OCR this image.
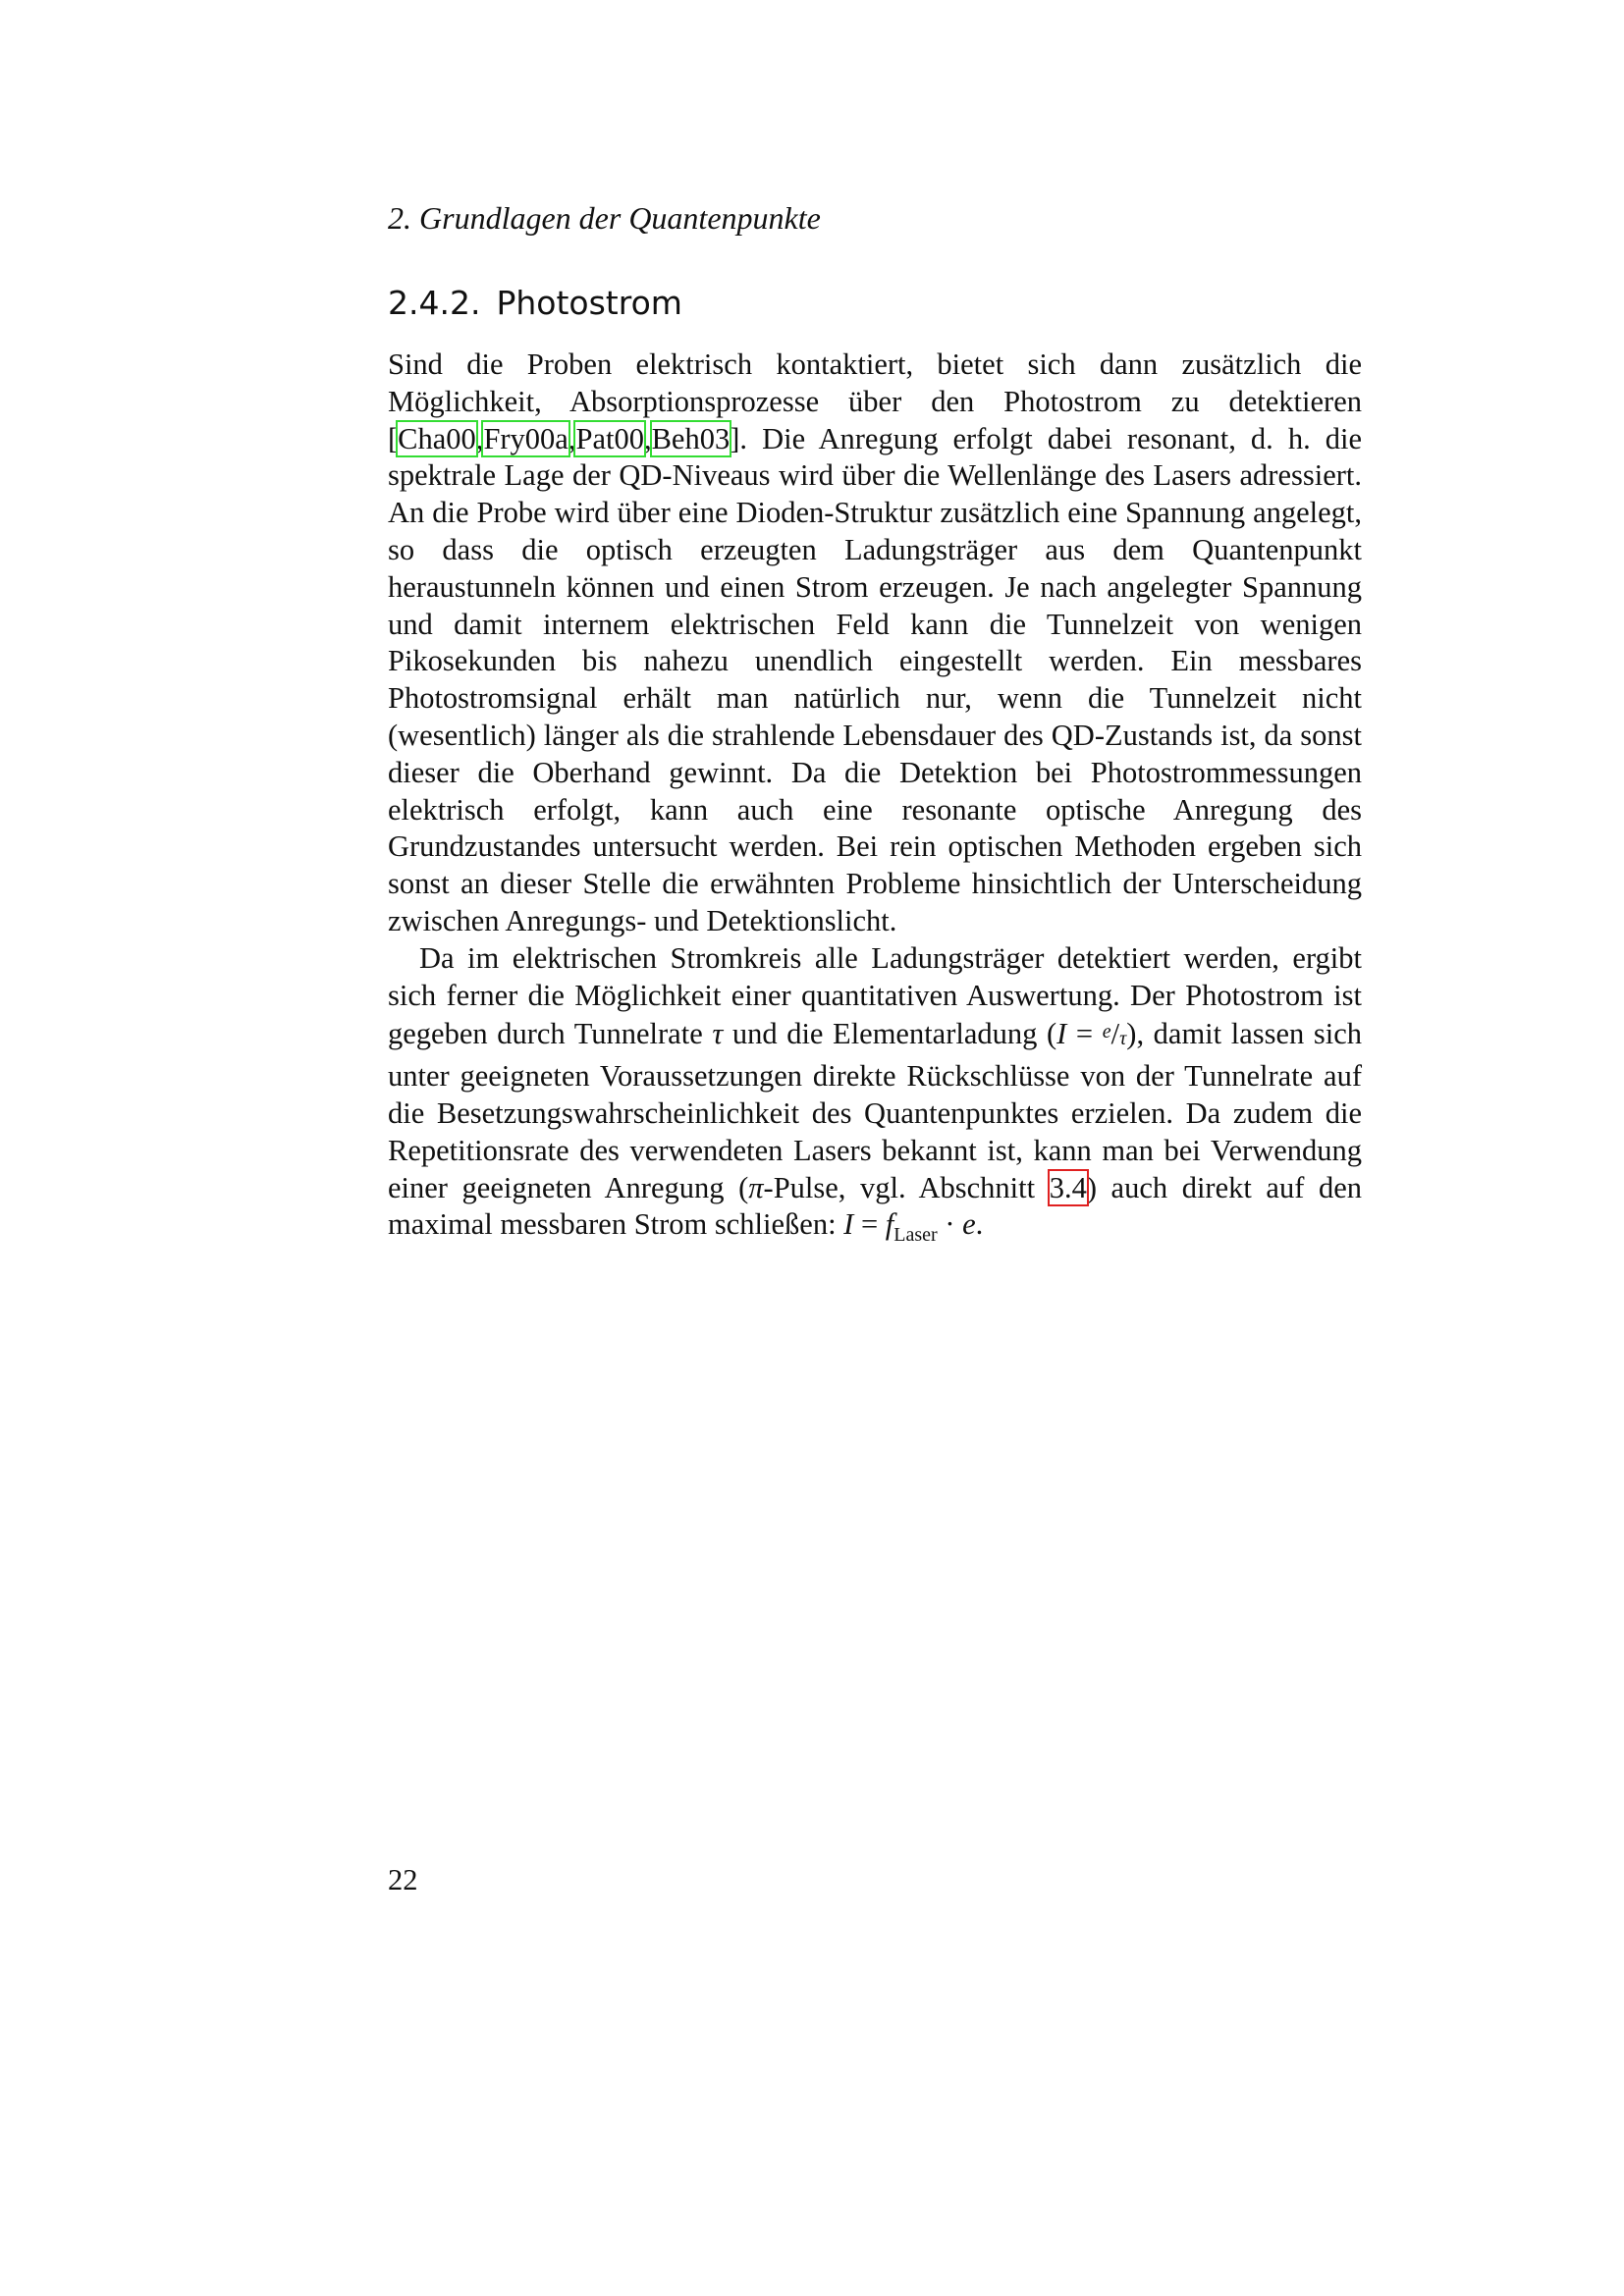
2. Grundlagen der Quantenpunkte
2.4.2. Photostrom

Sind die Proben elektrisch kontaktiert, bietet sich dann zusätzlich die Möglichkeit, Absorptionsprozesse über den Photostrom zu detektieren [Cha00,Fry00a,Pat00,Beh03]. Die Anregung erfolgt dabei resonant, d. h. die spektrale Lage der QD-Niveaus wird über die Wellenlänge des Lasers adressiert. An die Probe wird über eine Dioden-Struktur zusätzlich eine Spannung angelegt, so dass die optisch erzeugten Ladungsträger aus dem Quantenpunkt heraustunneln können und einen Strom erzeugen. Je nach angelegter Spannung und damit internem elektrischen Feld kann die Tunnelzeit von wenigen Pikosekunden bis nahezu unendlich eingestellt werden. Ein messbares Photostromsignal erhält man natürlich nur, wenn die Tunnelzeit nicht (wesentlich) länger als die strahlende Lebensdauer des QD-Zustands ist, da sonst dieser die Oberhand gewinnt. Da die Detektion bei Photostrommessungen elektrisch erfolgt, kann auch eine resonante optische Anregung des Grundzustandes untersucht werden. Bei rein optischen Methoden ergeben sich sonst an dieser Stelle die erwähnten Probleme hinsichtlich der Unterscheidung zwischen Anregungs- und Detektionslicht.

Da im elektrischen Stromkreis alle Ladungsträger detektiert werden, ergibt sich ferner die Möglichkeit einer quantitativen Auswertung. Der Photostrom ist gegeben durch Tunnelrate τ und die Elementarladung (I = e/τ), damit lassen sich unter geeigneten Voraussetzungen direkte Rückschlüsse von der Tunnelrate auf die Besetzungswahrscheinlichkeit des Quantenpunktes erzielen. Da zudem die Repetitionsrate des verwendeten Lasers bekannt ist, kann man bei Verwendung einer geeigneten Anregung (π-Pulse, vgl. Abschnitt 3.4) auch direkt auf den maximal messbaren Strom schließen: $I = f_{Laser} \cdot e$.

22
